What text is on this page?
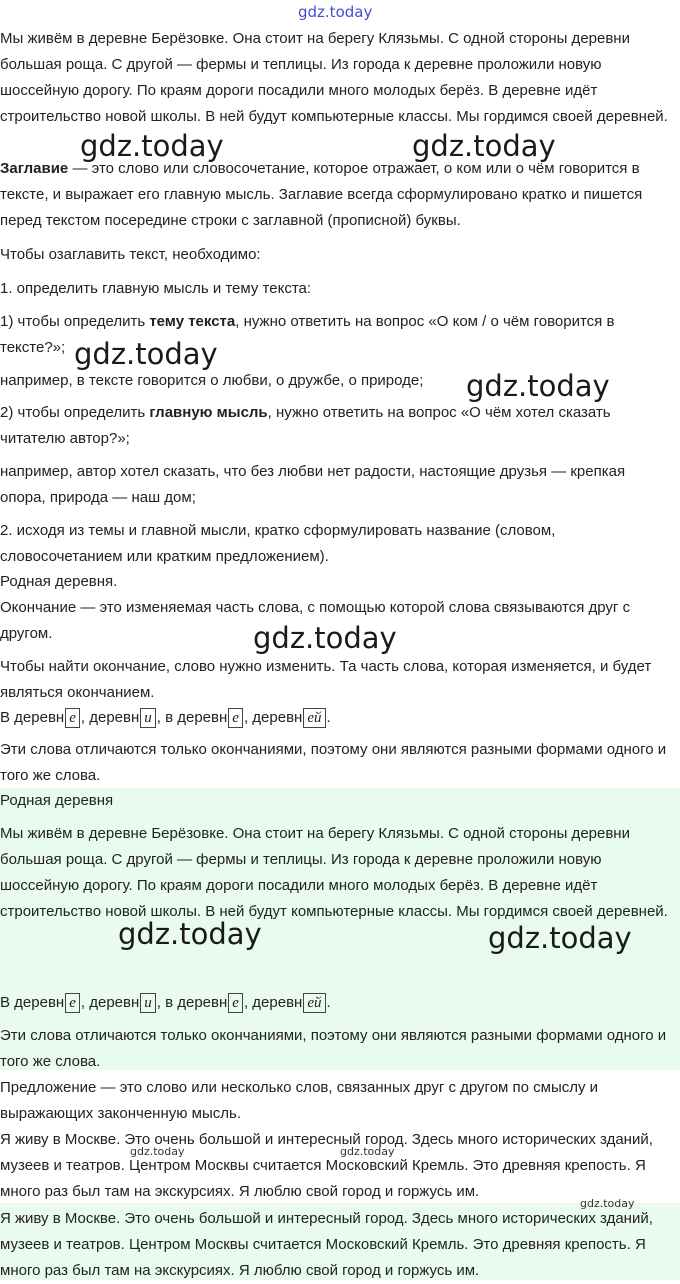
gdz.today
Мы живём в деревне Берёзовке. Она стоит на берегу Клязьмы. С одной стороны деревни большая роща. С другой — фермы и теплицы. Из города к деревне проложили новую шоссейную дорогу. По краям дороги посадили много молодых берёз. В деревне идёт строительство новой школы. В ней будут компьютерные классы. Мы гордимся своей деревней.
Заглавие — это слово или словосочетание, которое отражает, о ком или о чём говорится в тексте, и выражает его главную мысль. Заглавие всегда сформулировано кратко и пишется перед текстом посередине строки с заглавной (прописной) буквы.
Чтобы озаглавить текст, необходимо:
1. определить главную мысль и тему текста:
1) чтобы определить тему текста, нужно ответить на вопрос «О ком / о чём говорится в тексте?»;
например, в тексте говорится о любви, о дружбе, о природе;
2) чтобы определить главную мысль, нужно ответить на вопрос «О чём хотел сказать читателю автор?»;
например, автор хотел сказать, что без любви нет радости, настоящие друзья — крепкая опора, природа — наш дом;
2. исходя из темы и главной мысли, кратко сформулировать название (словом, словосочетанием или кратким предложением).
Родная деревня.
Окончание — это изменяемая часть слова, с помощью которой слова связываются друг с другом.
Чтобы найти окончание, слово нужно изменить. Та часть слова, которая изменяется, и будет являться окончанием.
В деревн е , деревн и , в деревн е , деревн ей .
Эти слова отличаются только окончаниями, поэтому они являются разными формами одного и того же слова.
Родная деревня
Мы живём в деревне Берёзовке. Она стоит на берегу Клязьмы. С одной стороны деревни большая роща. С другой — фермы и теплицы. Из города к деревне проложили новую шоссейную дорогу. По краям дороги посадили много молодых берёз. В деревне идёт строительство новой школы. В ней будут компьютерные классы. Мы гордимся своей деревней.
В деревн е , деревн и , в деревн е , деревн ей .
Эти слова отличаются только окончаниями, поэтому они являются разными формами одного и того же слова.
Предложение — это слово или несколько слов, связанных друг с другом по смыслу и выражающих законченную мысль.
Я живу в Москве. Это очень большой и интересный город. Здесь много исторических зданий, музеев и театров. Центром Москвы считается Московский Кремль. Это древняя крепость. Я много раз был там на экскурсиях. Я люблю свой город и горжусь им.
Я живу в Москве. Это очень большой и интересный город. Здесь много исторических зданий, музеев и театров. Центром Москвы считается Московский Кремль. Это древняя крепость. Я много раз был там на экскурсиях. Я люблю свой город и горжусь им.
gdz.today	gdz.today
gdz.today
gdz.today
gdz.today
gdz.today	gdz.today
gdz.today	gdz.today
gdz.today
